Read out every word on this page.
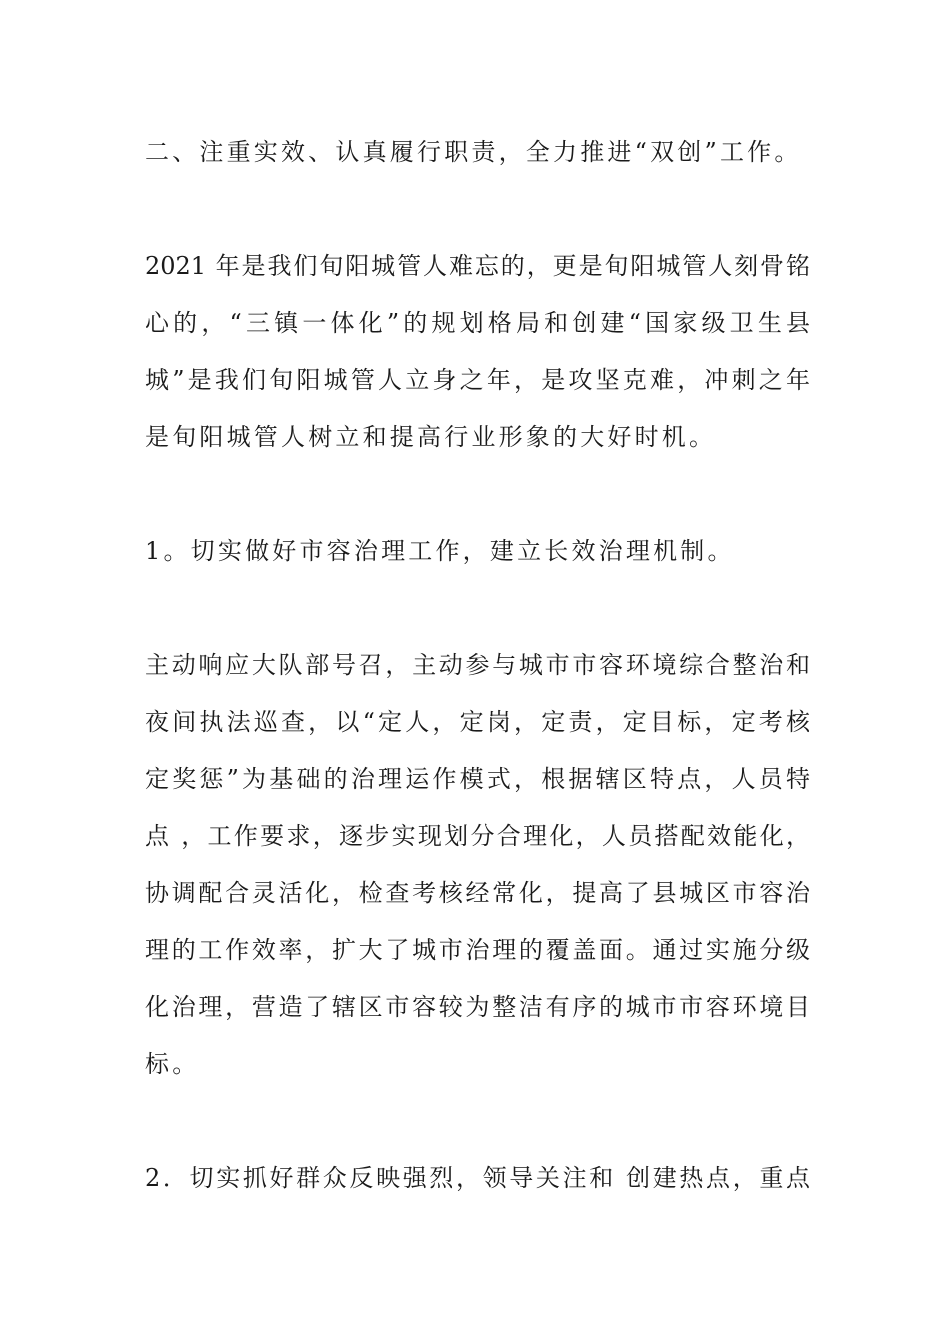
二、注重实效、认真履行职责，全力推进“双创”工作。

2021 年是我们旬阳城管人难忘的，更是旬阳城管人刻骨铭

心的，“三镇一体化”的规划格局和创建“国家级卫生县

城”是我们旬阳城管人立身之年，是攻坚克难，冲刺之年

是旬阳城管人树立和提高行业形象的大好时机。

1。切实做好市容治理工作，建立长效治理机制。

主动响应大队部号召，主动参与城市市容环境综合整治和

夜间执法巡查，以“定人，定岗，定责，定目标，定考核

定奖惩”为基础的治理运作模式，根据辖区特点，人员特

点 ，工作要求，逐步实现划分合理化，人员搭配效能化，

协调配合灵活化，检查考核经常化，提高了县城区市容治

理的工作效率，扩大了城市治理的覆盖面。通过实施分级

化治理，营造了辖区市容较为整洁有序的城市市容环境目

标。

2．切实抓好群众反映强烈，领导关注和 创建热点，重点
